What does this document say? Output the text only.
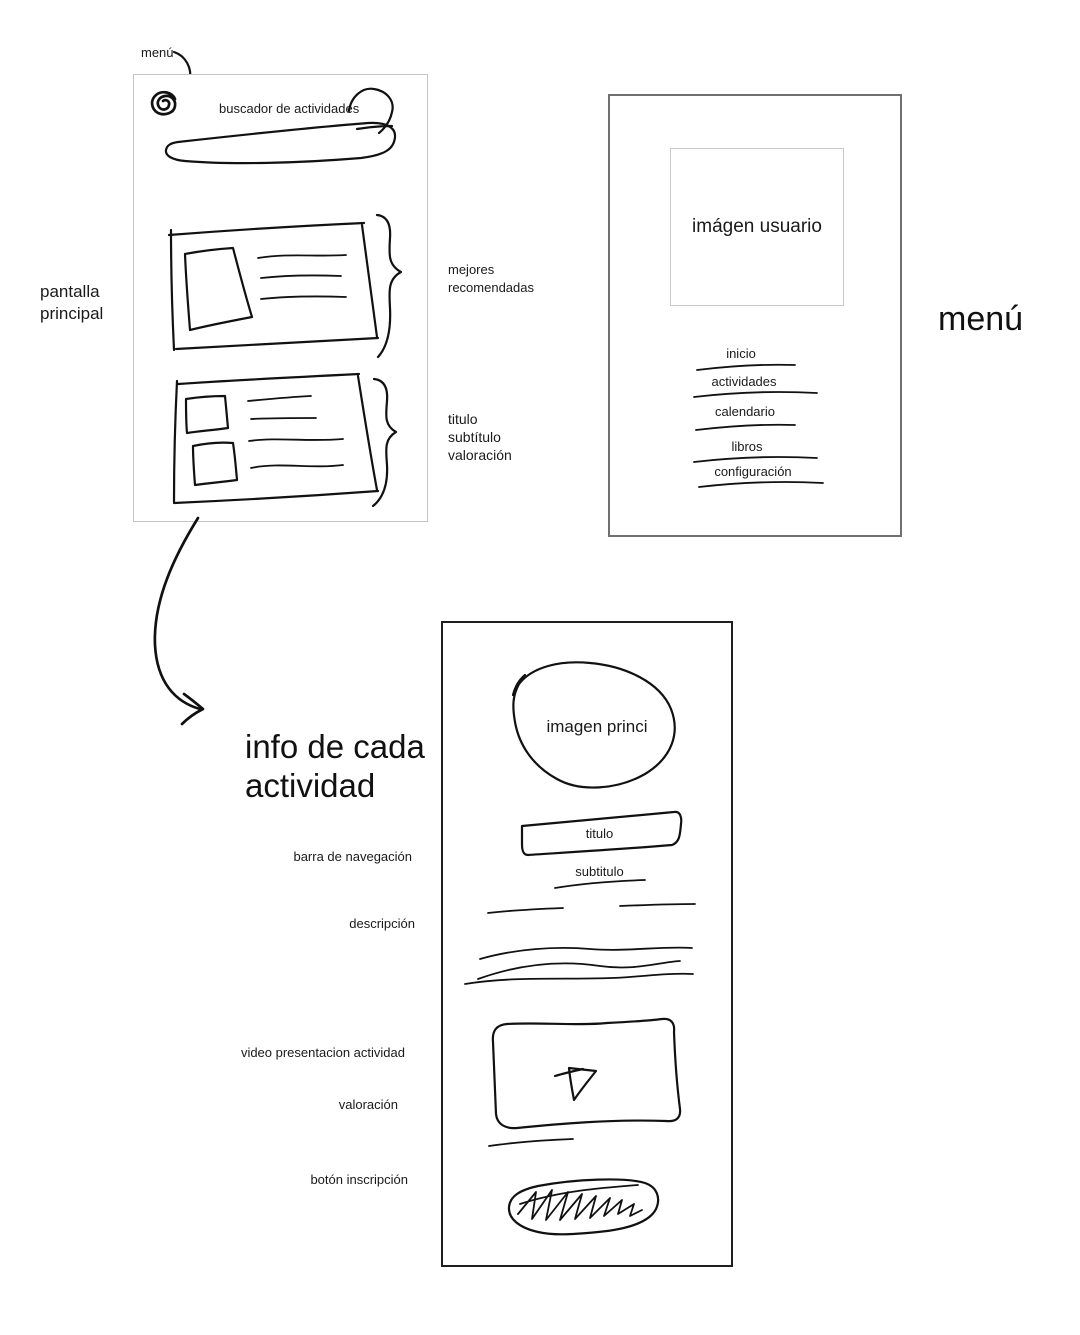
pantalla
principal
menú
buscador de actividades
mejores
recomendadas
titulo
subtítulo
valoración
imágen usuario
inicio
actividades
calendario
libros
configuración
menú
info de cada
actividad
imagen princi
titulo
subtitulo
barra de navegación
descripción
video presentacion actividad
valoración
botón inscripción
